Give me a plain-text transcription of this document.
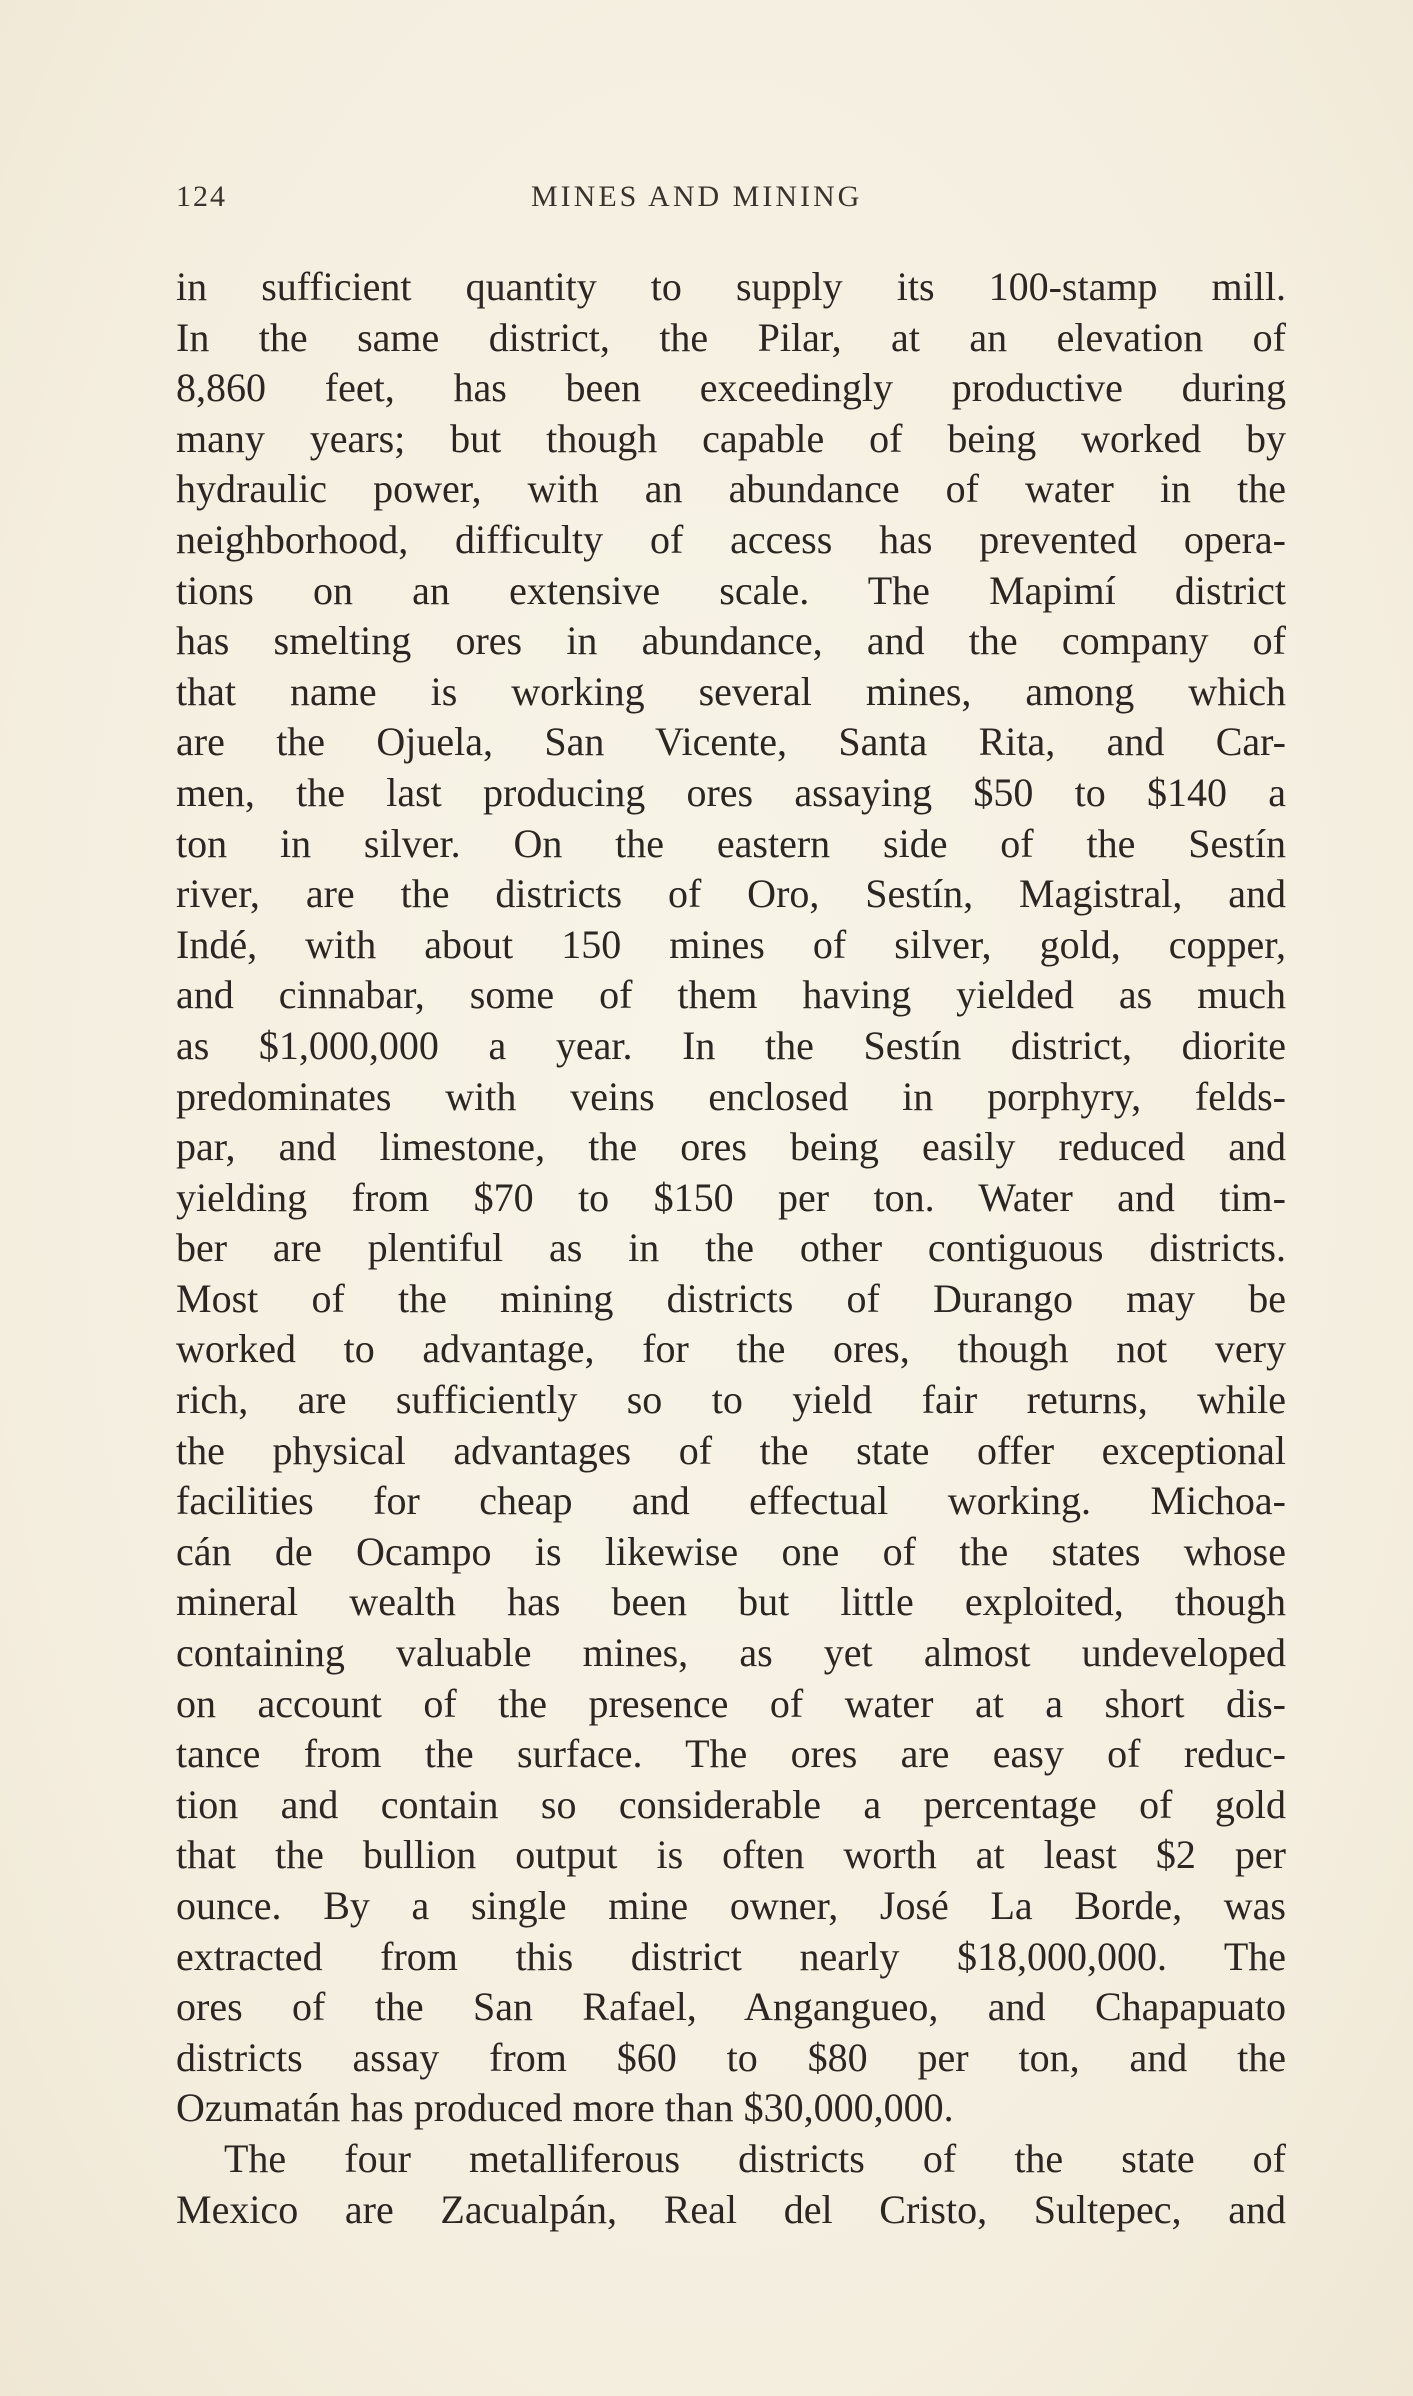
124	MINES AND MINING
in sufficient quantity to supply its 100-stamp mill.
In the same district, the Pilar, at an elevation of
8,860 feet, has been exceedingly productive during
many years; but though capable of being worked by
hydraulic power, with an abundance of water in the
neighborhood, difficulty of access has prevented opera-
tions on an extensive scale. The Mapimí district
has smelting ores in abundance, and the company of
that name is working several mines, among which
are the Ojuela, San Vicente, Santa Rita, and Car-
men, the last producing ores assaying $50 to $140 a
ton in silver. On the eastern side of the Sestín
river, are the districts of Oro, Sestín, Magistral, and
Indé, with about 150 mines of silver, gold, copper,
and cinnabar, some of them having yielded as much
as $1,000,000 a year. In the Sestín district, diorite
predominates with veins enclosed in porphyry, felds-
par, and limestone, the ores being easily reduced and
yielding from $70 to $150 per ton. Water and tim-
ber are plentiful as in the other contiguous districts.
Most of the mining districts of Durango may be
worked to advantage, for the ores, though not very
rich, are sufficiently so to yield fair returns, while
the physical advantages of the state offer exceptional
facilities for cheap and effectual working. Michoa-
cán de Ocampo is likewise one of the states whose
mineral wealth has been but little exploited, though
containing valuable mines, as yet almost undeveloped
on account of the presence of water at a short dis-
tance from the surface. The ores are easy of reduc-
tion and contain so considerable a percentage of gold
that the bullion output is often worth at least $2 per
ounce. By a single mine owner, José La Borde, was
extracted from this district nearly $18,000,000. The
ores of the San Rafael, Angangueo, and Chapapuato
districts assay from $60 to $80 per ton, and the
Ozumatán has produced more than $30,000,000.
The four metalliferous districts of the state of
Mexico are Zacualpán, Real del Cristo, Sultepec, and
